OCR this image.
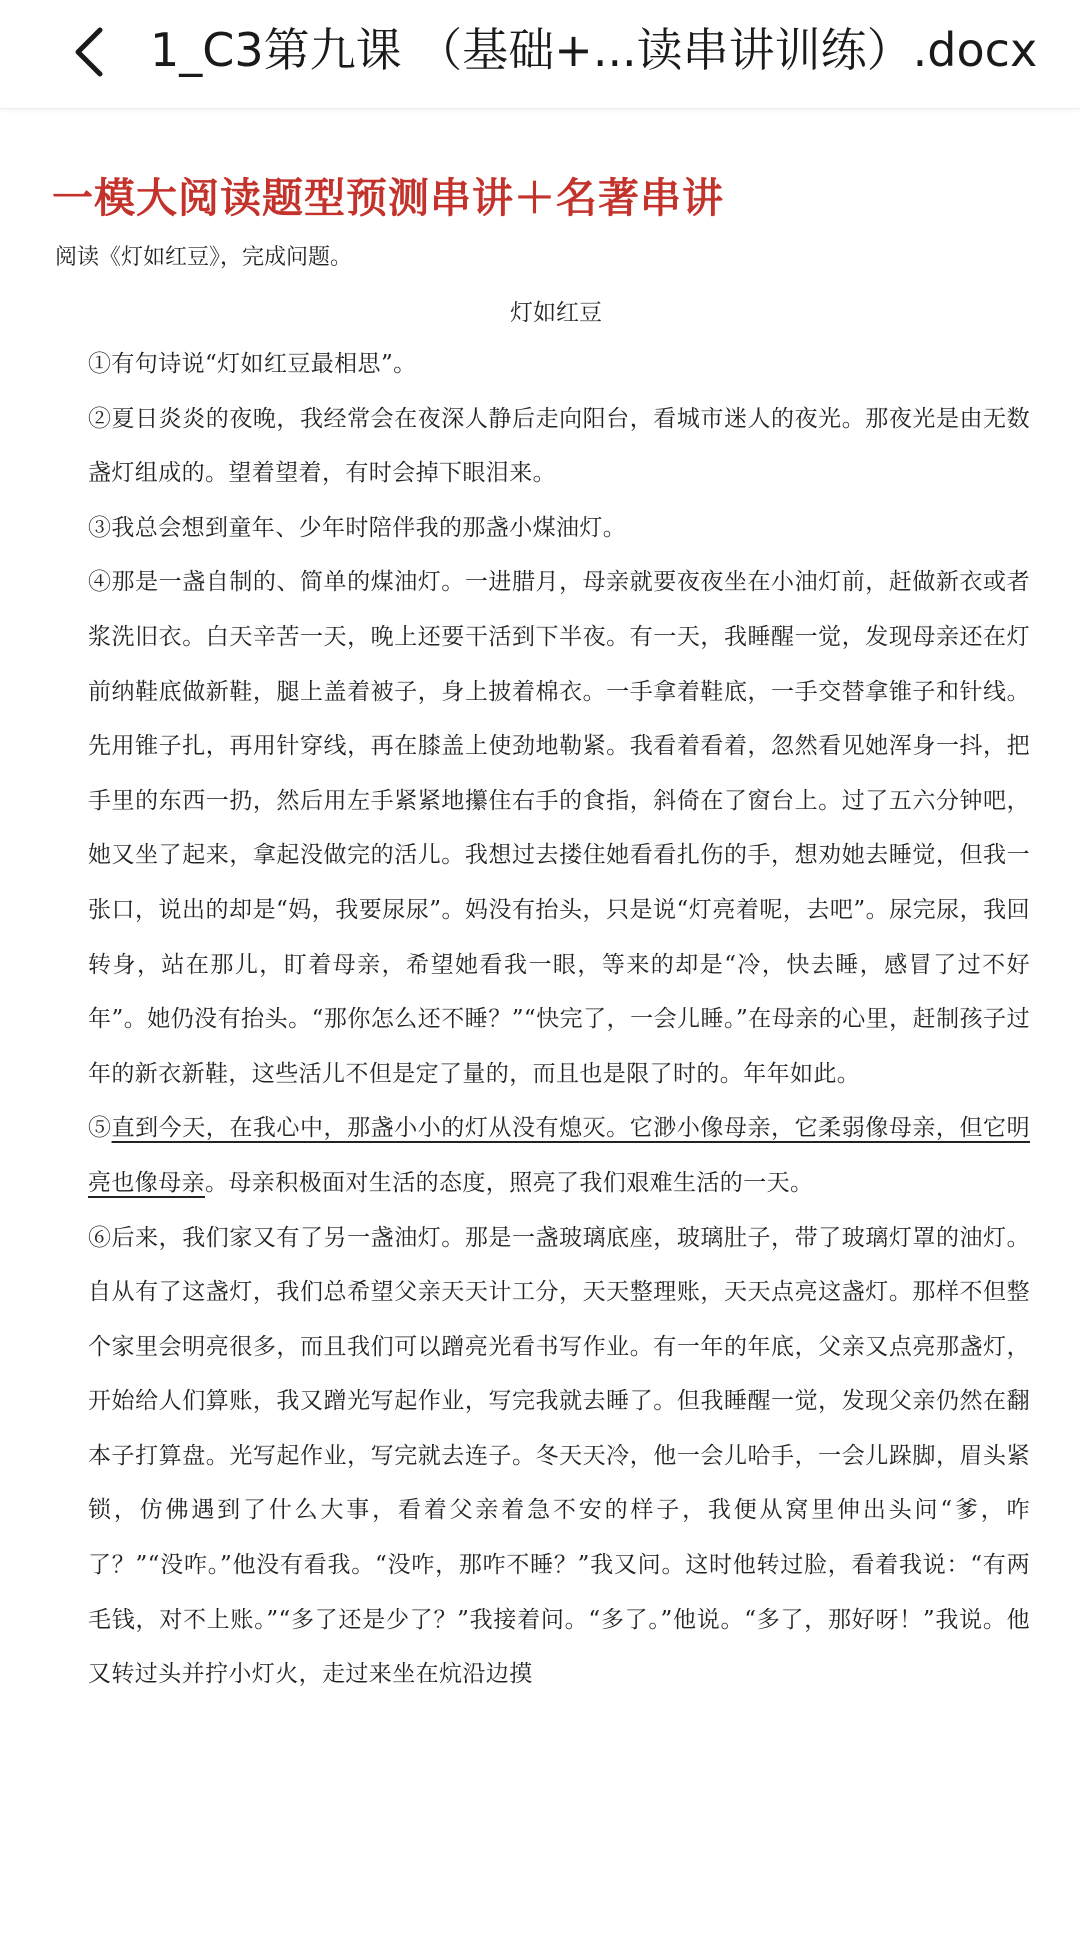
1_C3第九课 （基础+...读串讲训练）.docx
一模大阅读题型预测串讲＋名著串讲
阅读《灯如红豆》，完成问题。
灯如红豆

①有句诗说“灯如红豆最相思”。

②夏日炎炎的夜晚，我经常会在夜深人静后走向阳台，看城市迷人的夜光。那夜光是由无数盏灯组成的。望着望着，有时会掉下眼泪来。

③我总会想到童年、少年时陪伴我的那盏小煤油灯。

④那是一盏自制的、简单的煤油灯。一进腊月，母亲就要夜夜坐在小油灯前，赶做新衣或者浆洗旧衣。白天辛苦一天，晚上还要干活到下半夜。有一天，我睡醒一觉，发现母亲还在灯前纳鞋底做新鞋，腿上盖着被子，身上披着棉衣。一手拿着鞋底，一手交替拿锥子和针线。先用锥子扎，再用针穿线，再在膝盖上使劲地勒紧。我看着看着，忽然看见她浑身一抖，把手里的东西一扔，然后用左手紧紧地攥住右手的食指，斜倚在了窗台上。过了五六分钟吧，她又坐了起来，拿起没做完的活儿。我想过去搂住她看看扎伤的手，想劝她去睡觉，但我一张口，说出的却是“妈，我要尿尿”。妈没有抬头，只是说“灯亮着呢，去吧”。尿完尿，我回转身，站在那儿，盯着母亲，希望她看我一眼，等来的却是“冷，快去睡，感冒了过不好年”。她仍没有抬头。“那你怎么还不睡？”“快完了，一会儿睡。”在母亲的心里，赶制孩子过年的新衣新鞋，这些活儿不但是定了量的，而且也是限了时的。年年如此。

⑤直到今天，在我心中，那盏小小的灯从没有熄灭。它渺小像母亲，它柔弱像母亲，但它明亮也像母亲。母亲积极面对生活的态度，照亮了我们艰难生活的一天。

⑥后来，我们家又有了另一盏油灯。那是一盏玻璃底座，玻璃肚子，带了玻璃灯罩的油灯。自从有了这盏灯，我们总希望父亲天天计工分，天天整理账，天天点亮这盏灯。那样不但整个家里会明亮很多，而且我们可以蹭亮光看书写作业。有一年的年底，父亲又点亮那盏灯，开始给人们算账，我又蹭光写起作业，写完我就去睡了。但我睡醒一觉，发现父亲仍然在翻本子打算盘。光写起作业，写完就去连子。冬天天冷，他一会儿哈手，一会儿跺脚，眉头紧锁，仿佛遇到了什么大事，看着父亲着急不安的样子，我便从窝里伸出头问“爹，咋了？”“没咋。”他没有看我。“没咋，那咋不睡？”我又问。这时他转过脸，看着我说：“有两毛钱，对不上账。”“多了还是少了？”我接着问。“多了。”他说。“多了，那好呀！”我说。他又转过头并拧小灯火，走过来坐在炕沿边摸
